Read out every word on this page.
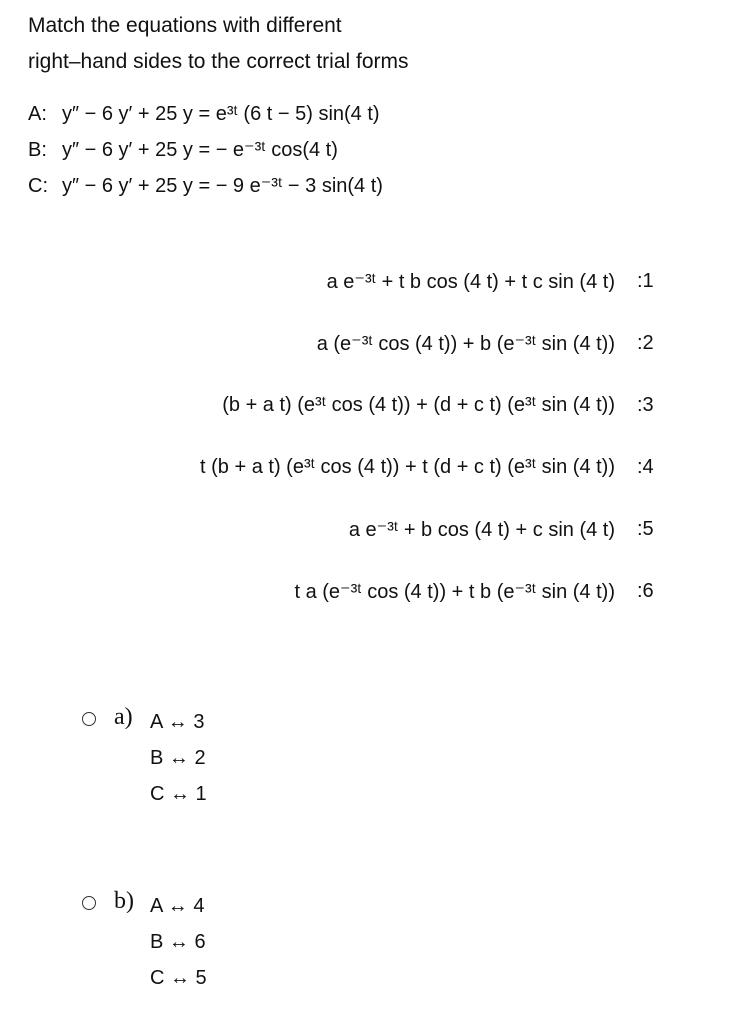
Match the equations with different
right–hand sides to the correct trial forms
A: y″ − 6 y′ + 25 y = e³ᵗ (6 t − 5) sin(4 t)
B: y″ − 6 y′ + 25 y = − e⁻³ᵗ cos(4 t)
C: y″ − 6 y′ + 25 y = − 9 e⁻³ᵗ − 3 sin(4 t)
a e⁻³ᵗ + t b cos (4 t) + t c sin (4 t) :1
a (e⁻³ᵗ cos (4 t)) + b (e⁻³ᵗ sin (4 t)) :2
(b + a t) (e³ᵗ cos (4 t)) + (d + c t) (e³ᵗ sin (4 t)) :3
t (b + a t) (e³ᵗ cos (4 t)) + t (d + c t) (e³ᵗ sin (4 t)) :4
a e⁻³ᵗ + b cos (4 t) + c sin (4 t) :5
t a (e⁻³ᵗ cos (4 t)) + t b (e⁻³ᵗ sin (4 t)) :6
a) A ↔ 3
B ↔ 2
C ↔ 1
b) A ↔ 4
B ↔ 6
C ↔ 5
